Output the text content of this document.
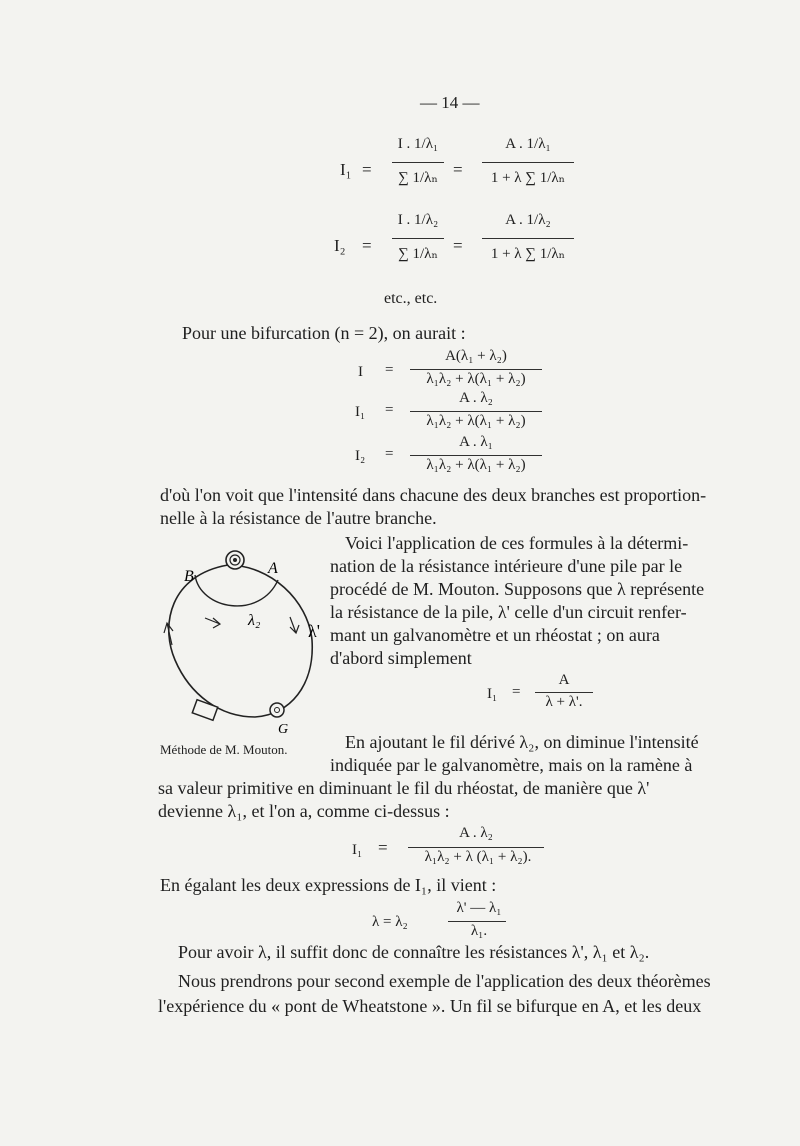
— 14 —
I₁ =
I . 1/λ₁
∑ 1/λₙ =
A . 1/λ₁
1 + λ ∑ 1/λₙ
I₂ =
I . 1/λ₂
∑ 1/λₙ =
A . 1/λ₂
1 + λ ∑ 1/λₙ
etc., etc.
Pour une bifurcation (n = 2), on aurait :
I =
A(λ₁ + λ₂)
λ₁λ₂ + λ(λ₁ + λ₂)
I₁ =
A . λ₂
λ₁λ₂ + λ(λ₁ + λ₂)
I₂ =
A . λ₁
λ₁λ₂ + λ(λ₁ + λ₂)
d'où l'on voit que l'intensité dans chacune des deux branches est proportion-
nelle à la résistance de l'autre branche.
B	A
G
λ₂
λ'
Méthode de M. Mouton.
Voici l'application de ces formules à la détermi-
nation de la résistance intérieure d'une pile par le
procédé de M. Mouton. Supposons que λ représente
la résistance de la pile, λ' celle d'un circuit renfer-
mant un galvanomètre et un rhéostat ; on aura
d'abord simplement
I₁ =
A
λ + λ'.
En ajoutant le fil dérivé λ₂, on diminue l'intensité
indiquée par le galvanomètre, mais on la ramène à
sa valeur primitive en diminuant le fil du rhéostat, de manière que λ'
devienne λ₁, et l'on a, comme ci-dessus :
I₁ =
A . λ₂
λ₁λ₂ + λ (λ₁ + λ₂).
En égalant les deux expressions de I₁, il vient :
λ = λ₂
λ' — λ₁
λ₁.
Pour avoir λ, il suffit donc de connaître les résistances λ', λ₁ et λ₂.
Nous prendrons pour second exemple de l'application des deux théorèmes
l'expérience du « pont de Wheatstone ». Un fil se bifurque en A, et les deux
